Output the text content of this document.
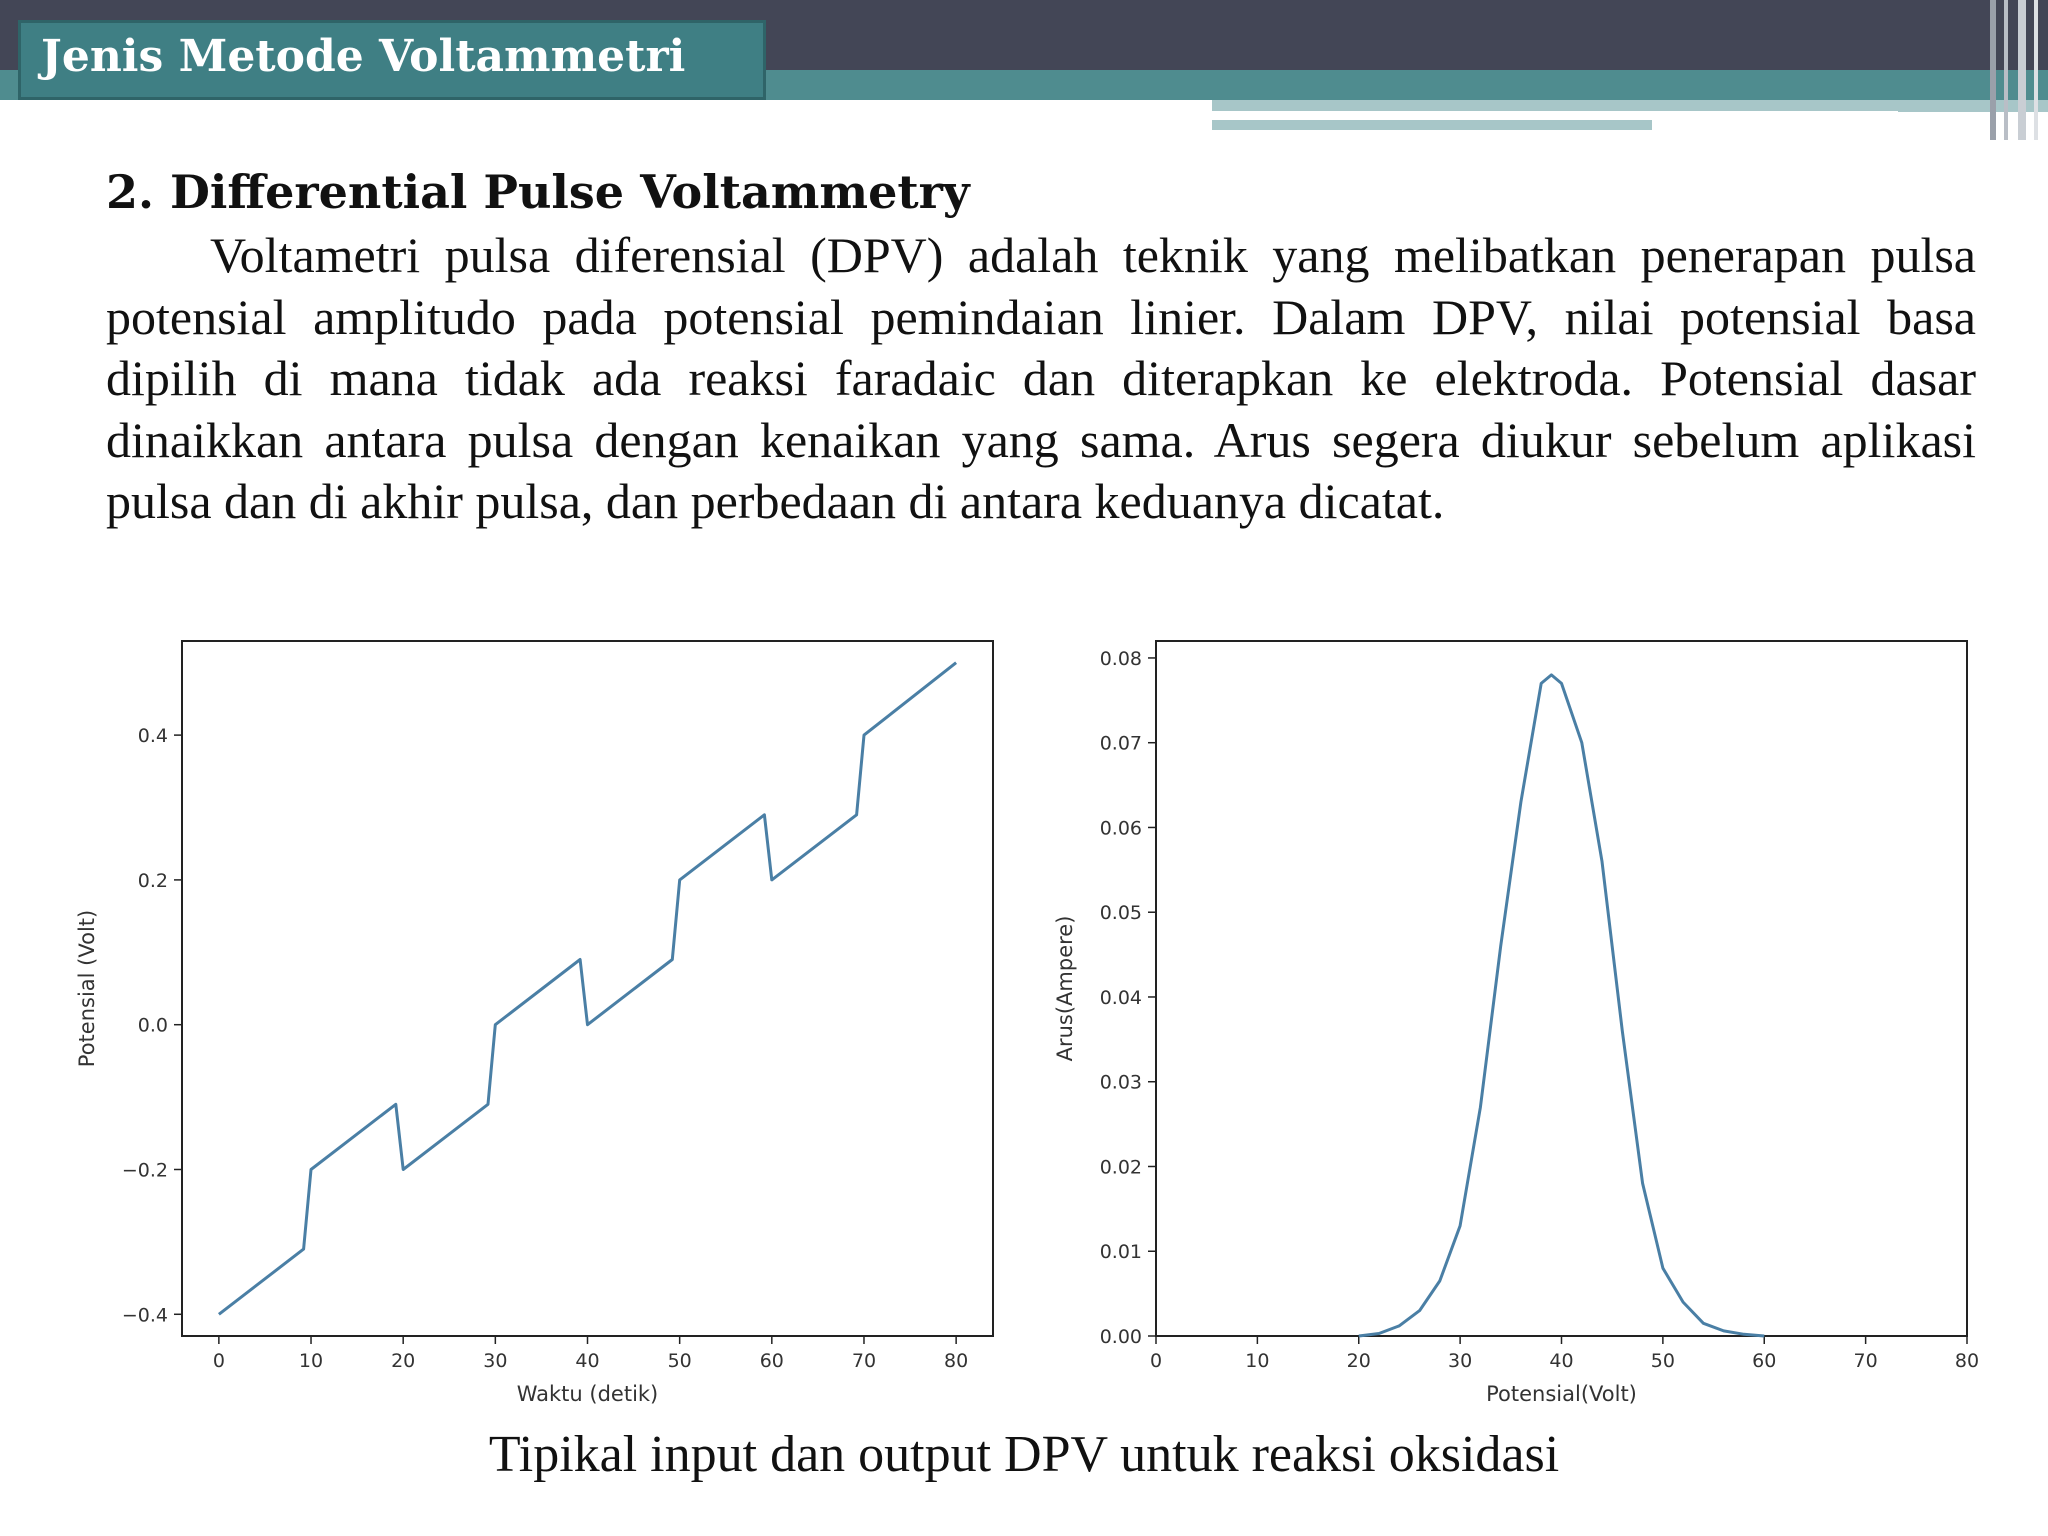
Jenis Metode Voltammetri
2. Differential Pulse Voltammetry
Voltametri pulsa diferensial (DPV) adalah teknik yang melibatkan penerapan pulsa potensial amplitudo pada potensial pemindaian linier. Dalam DPV, nilai potensial basa dipilih di mana tidak ada reaksi faradaic dan diterapkan ke elektroda. Potensial dasar dinaikkan antara pulsa dengan kenaikan yang sama. Arus segera diukur sebelum aplikasi pulsa dan di akhir pulsa, dan perbedaan di antara keduanya dicatat.
0	10	20	30	40	50	60	70	80
−0.4
−0.2
0.0
0.2
0.4
Waktu (detik)
Potensial (Volt)
0	10	20	30	40	50	60	70	80
0.00
0.01
0.02
0.03
0.04
0.05
0.06
0.07
0.08
Potensial(Volt)
Arus(Ampere)
Tipikal input dan output DPV untuk reaksi oksidasi
